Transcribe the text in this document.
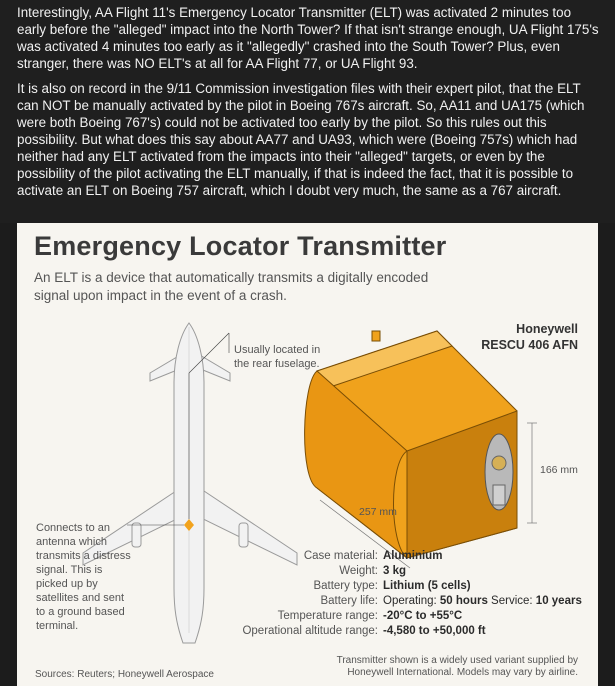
Interestingly, AA Flight 11's Emergency Locator Transmitter (ELT) was activated 2 minutes too early before the "alleged" impact into the North Tower? If that isn't strange enough, UA Flight 175's was activated 4 minutes too early as it "allegedly" crashed into the South Tower? Plus, even stranger, there was NO ELT's at all for AA Flight 77, or UA Flight 93.

It is also on record in the 9/11 Commission investigation files with their expert pilot, that the ELT can NOT be manually activated by the pilot in Boeing 767s aircraft. So, AA11 and UA175 (which were both Boeing 767's) could not be activated too early by the pilot. So this rules out this possibility. But what does this say about AA77 and UA93, which were (Boeing 757s) which had neither had any ELT activated from the impacts into their "alleged" targets, or even by the possibility of the pilot activating the ELT manually, if that is indeed the fact, that it is possible to activate an ELT on Boeing 757 aircraft, which I doubt very much, the same as a 767 aircraft.

Emergency Locator Transmitter
An ELT is a device that automatically transmits a digitally encoded signal upon impact in the event of a crash.
Usually located in the rear fuselage.
Connects to an antenna which transmits a distress signal. This is picked up by satellites and sent to a ground based terminal.
Honeywell
RESCU 406 AFN
166 mm
257 mm
Case material: Aluminium
Weight: 3 kg
Battery type: Lithium (5 cells)
Battery life: Operating: 50 hours Service: 10 years
Temperature range: -20°C to +55°C
Operational altitude range: -4,580 to +50,000 ft
Transmitter shown is a widely used variant supplied by Honeywell International. Models may vary by airline.
Sources: Reuters; Honeywell Aerospace
